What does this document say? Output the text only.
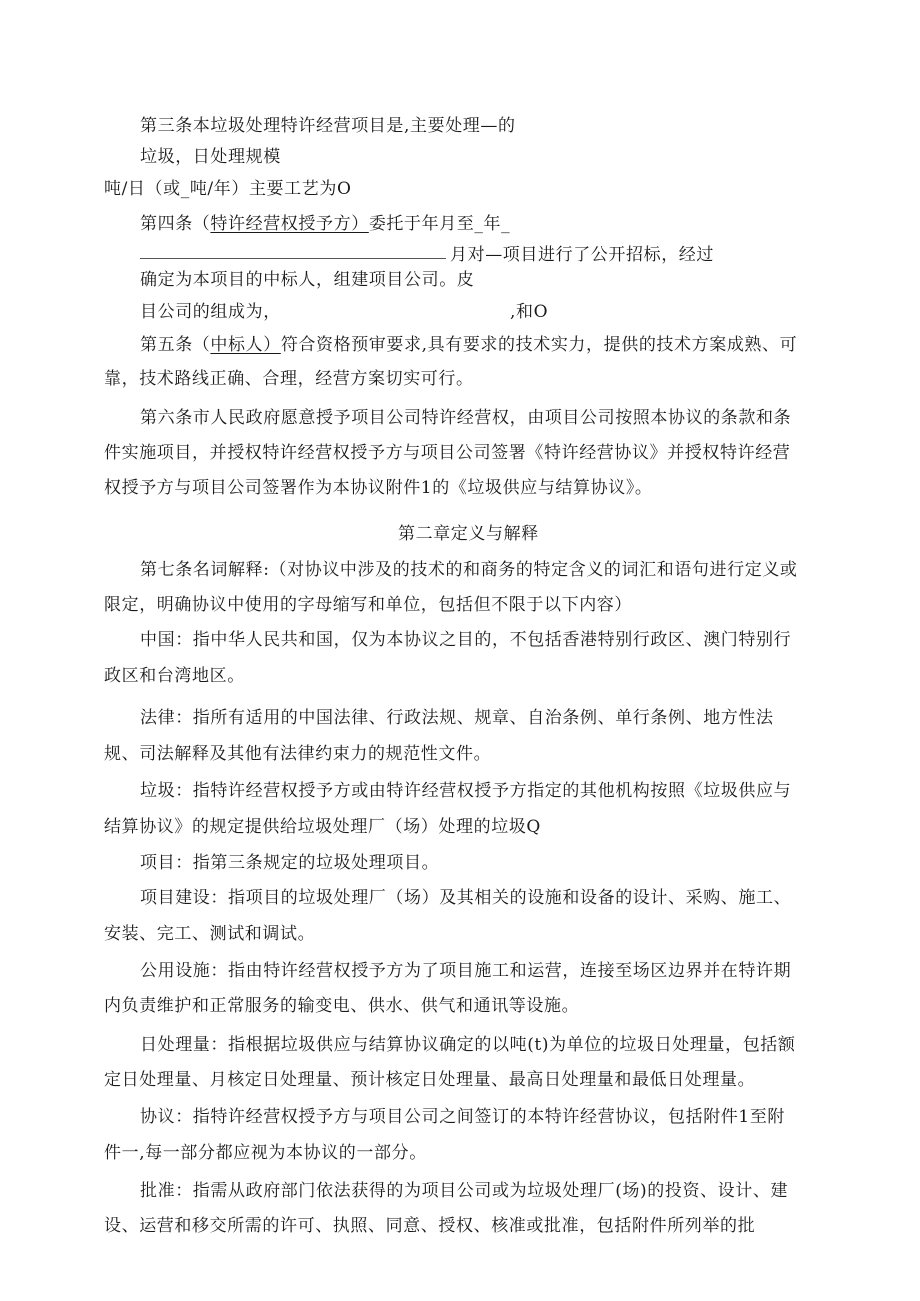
第三条本垃圾处理特许经营项目是,主要处理—的
垃圾，日处理规模
吨/日（或_吨/年）主要工艺为O
第四条（特许经营权授予方）委托于年月至_年_
月对—项目进行了公开招标，经过
确定为本项目的中标人，组建项目公司。皮
目公司的组成为，	,和O
第五条（中标人）符合资格预审要求,具有要求的技术实力，提供的技术方案成熟、可
靠，技术路线正确、合理，经营方案切实可行。
第六条市人民政府愿意授予项目公司特许经营权，由项目公司按照本协议的条款和条
件实施项目，并授权特许经营权授予方与项目公司签署《特许经营协议》并授权特许经营
权授予方与项目公司签署作为本协议附件1的《垃圾供应与结算协议》。
第二章定义与解释
第七条名词解释:（对协议中涉及的技术的和商务的特定含义的词汇和语句进行定义或
限定，明确协议中使用的字母缩写和单位，包括但不限于以下内容）
中国：指中华人民共和国，仅为本协议之目的，不包括香港特别行政区、澳门特别行
政区和台湾地区。
法律：指所有适用的中国法律、行政法规、规章、自治条例、单行条例、地方性法
规、司法解释及其他有法律约束力的规范性文件。
垃圾：指特许经营权授予方或由特许经营权授予方指定的其他机构按照《垃圾供应与
结算协议》的规定提供给垃圾处理厂（场）处理的垃圾Q
项目：指第三条规定的垃圾处理项目。
项目建设：指项目的垃圾处理厂（场）及其相关的设施和设备的设计、采购、施工、
安装、完工、测试和调试。
公用设施：指由特许经营权授予方为了项目施工和运营，连接至场区边界并在特许期
内负责维护和正常服务的输变电、供水、供气和通讯等设施。
日处理量：指根据垃圾供应与结算协议确定的以吨(t)为单位的垃圾日处理量，包括额
定日处理量、月核定日处理量、预计核定日处理量、最高日处理量和最低日处理量。
协议：指特许经营权授予方与项目公司之间签订的本特许经营协议，包括附件1至附
件一,每一部分都应视为本协议的一部分。
批准：指需从政府部门依法获得的为项目公司或为垃圾处理厂(场)的投资、设计、建
设、运营和移交所需的许可、执照、同意、授权、核准或批准，包括附件所列举的批
